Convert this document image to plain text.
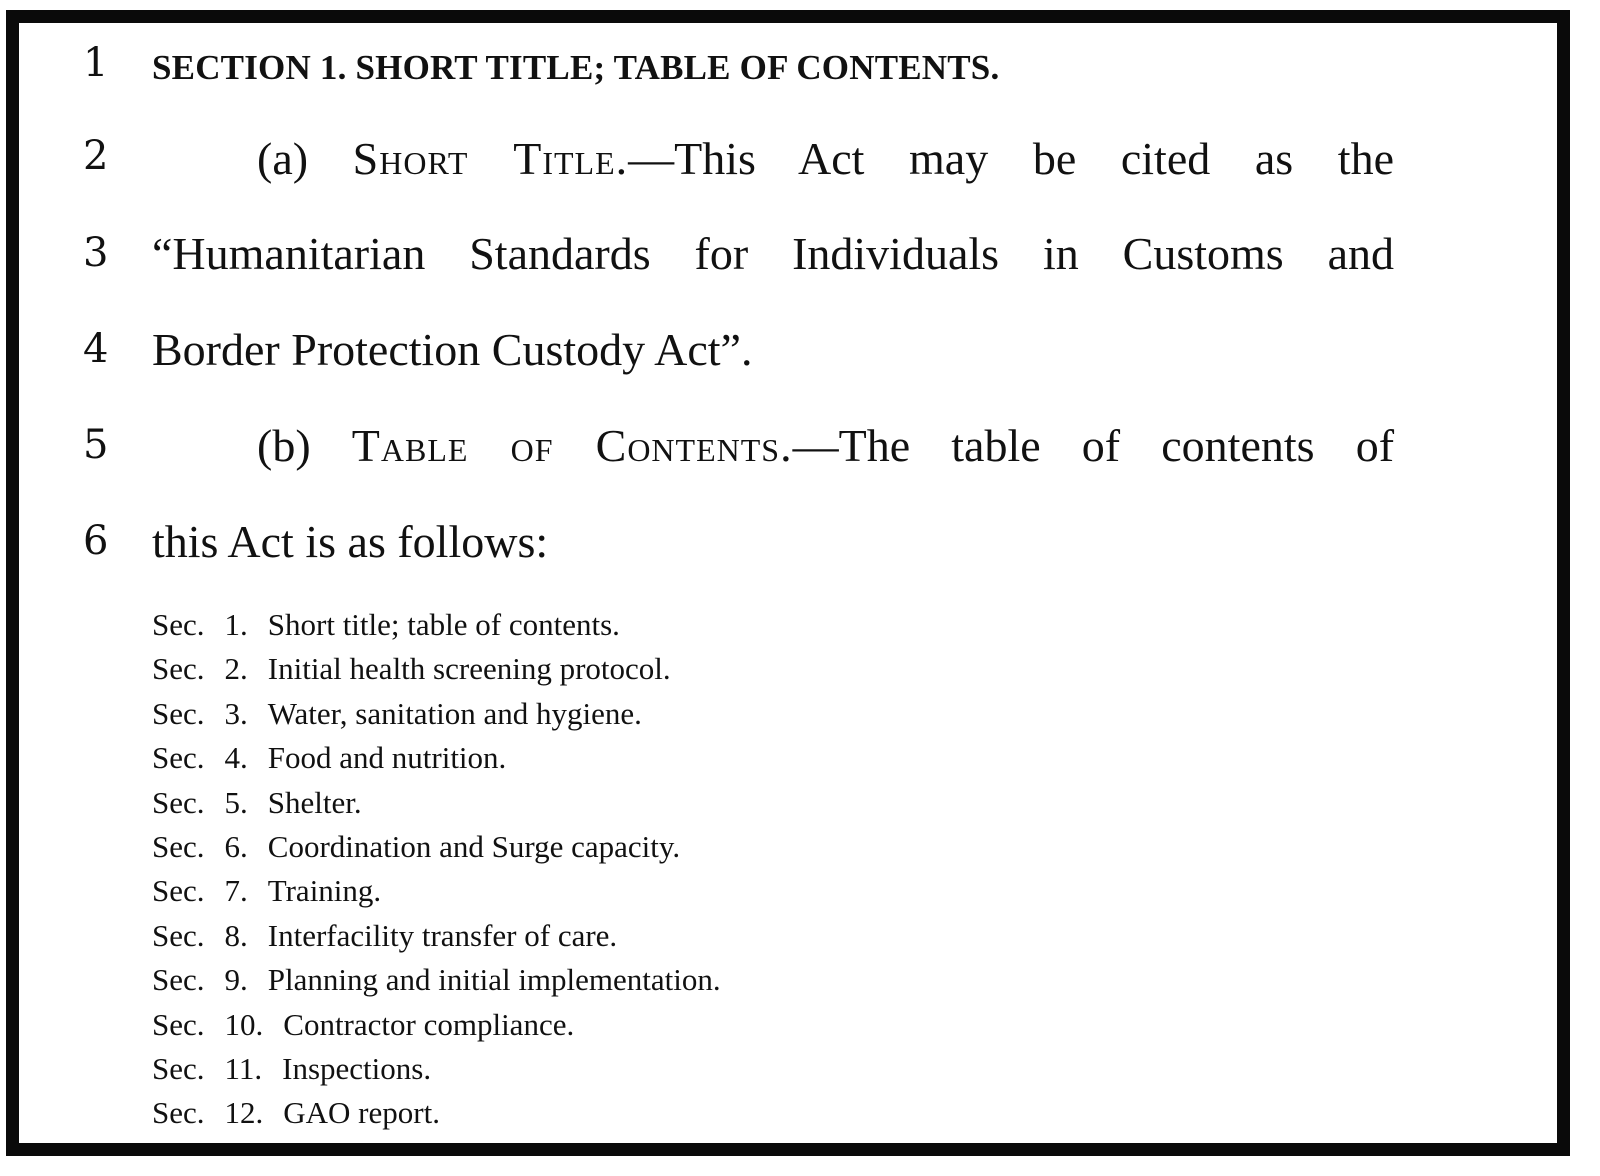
1	SECTION 1. SHORT TITLE; TABLE OF CONTENTS.
2	(a) Short Title.—This Act may be cited as the
3 “Humanitarian Standards for Individuals in Customs and
4 Border Protection Custody Act”.
5	(b) Table of Contents.—The table of contents of
6 this Act is as follows:
Sec. 1. Short title; table of contents.
Sec. 2. Initial health screening protocol.
Sec. 3. Water, sanitation and hygiene.
Sec. 4. Food and nutrition.
Sec. 5. Shelter.
Sec. 6. Coordination and Surge capacity.
Sec. 7. Training.
Sec. 8. Interfacility transfer of care.
Sec. 9. Planning and initial implementation.
Sec. 10. Contractor compliance.
Sec. 11. Inspections.
Sec. 12. GAO report.
